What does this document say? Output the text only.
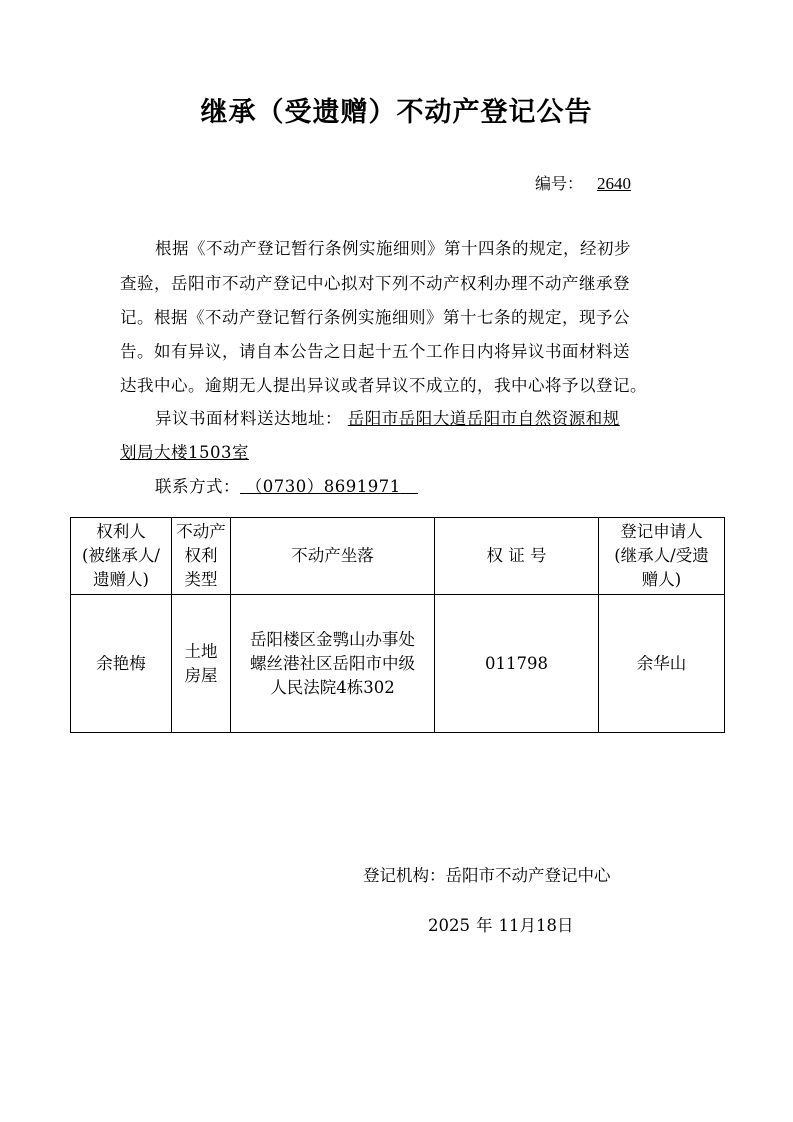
继承（受遗赠）不动产登记公告
编号： 2640
根据《不动产登记暂行条例实施细则》第十四条的规定，经初步
查验，岳阳市不动产登记中心拟对下列不动产权利办理不动产继承登
记。根据《不动产登记暂行条例实施细则》第十七条的规定，现予公
告。如有异议，请自本公告之日起十五个工作日内将异议书面材料送
达我中心。逾期无人提出异议或者异议不成立的，我中心将予以登记。
异议书面材料送达地址： 岳阳市岳阳大道岳阳市自然资源和规
划局大楼1503室
联系方式： （0730）8691971
权利人
(被继承人/
遗赠人)	不动产
权利
类型	不动产坐落	权 证 号	登记申请人
(继承人/受遗
赠人)

余艳梅	土地
房屋	岳阳楼区金鹗山办事处
螺丝港社区岳阳市中级
人民法院4栋302	011798	余华山
登记机构：岳阳市不动产登记中心
2025 年 11月18日
